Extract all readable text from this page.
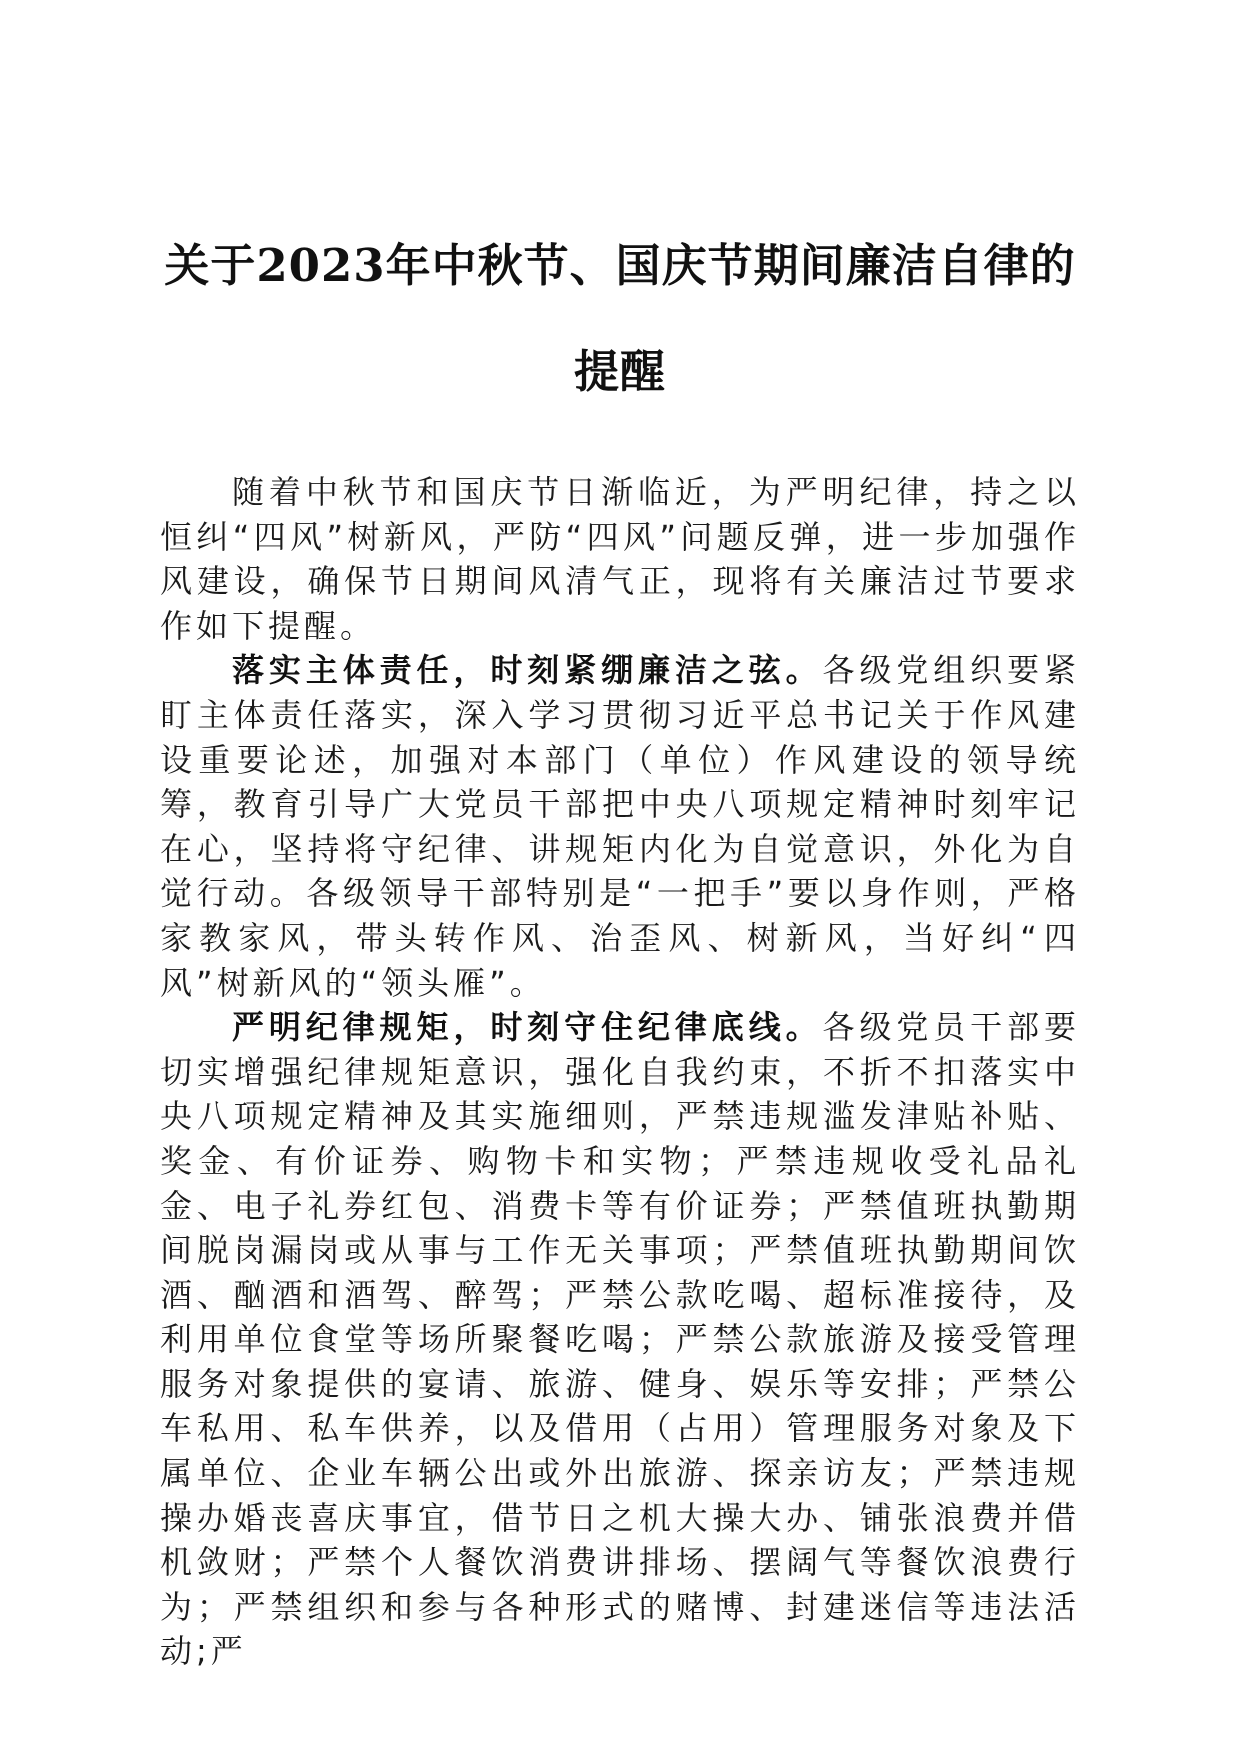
关于2023年中秋节、国庆节期间廉洁自律的
提醒

随着中秋节和国庆节日渐临近，为严明纪律，持之以恒纠“四风”树新风，严防“四风”问题反弹，进一步加强作风建设，确保节日期间风清气正，现将有关廉洁过节要求作如下提醒。

落实主体责任，时刻紧绷廉洁之弦。各级党组织要紧盯主体责任落实，深入学习贯彻习近平总书记关于作风建设重要论述，加强对本部门（单位）作风建设的领导统筹，教育引导广大党员干部把中央八项规定精神时刻牢记在心，坚持将守纪律、讲规矩内化为自觉意识，外化为自觉行动。各级领导干部特别是“一把手”要以身作则，严格家教家风，带头转作风、治歪风、树新风，当好纠“四风”树新风的“领头雁”。

严明纪律规矩，时刻守住纪律底线。各级党员干部要切实增强纪律规矩意识，强化自我约束，不折不扣落实中央八项规定精神及其实施细则，严禁违规滥发津贴补贴、奖金、有价证券、购物卡和实物；严禁违规收受礼品礼金、电子礼券红包、消费卡等有价证券；严禁值班执勤期间脱岗漏岗或从事与工作无关事项；严禁值班执勤期间饮酒、酗酒和酒驾、醉驾；严禁公款吃喝、超标准接待，及利用单位食堂等场所聚餐吃喝；严禁公款旅游及接受管理服务对象提供的宴请、旅游、健身、娱乐等安排；严禁公车私用、私车供养，以及借用（占用）管理服务对象及下属单位、企业车辆公出或外出旅游、探亲访友；严禁违规操办婚丧喜庆事宜，借节日之机大操大办、铺张浪费并借机敛财；严禁个人餐饮消费讲排场、摆阔气等餐饮浪费行为；严禁组织和参与各种形式的赌博、封建迷信等违法活动;严
